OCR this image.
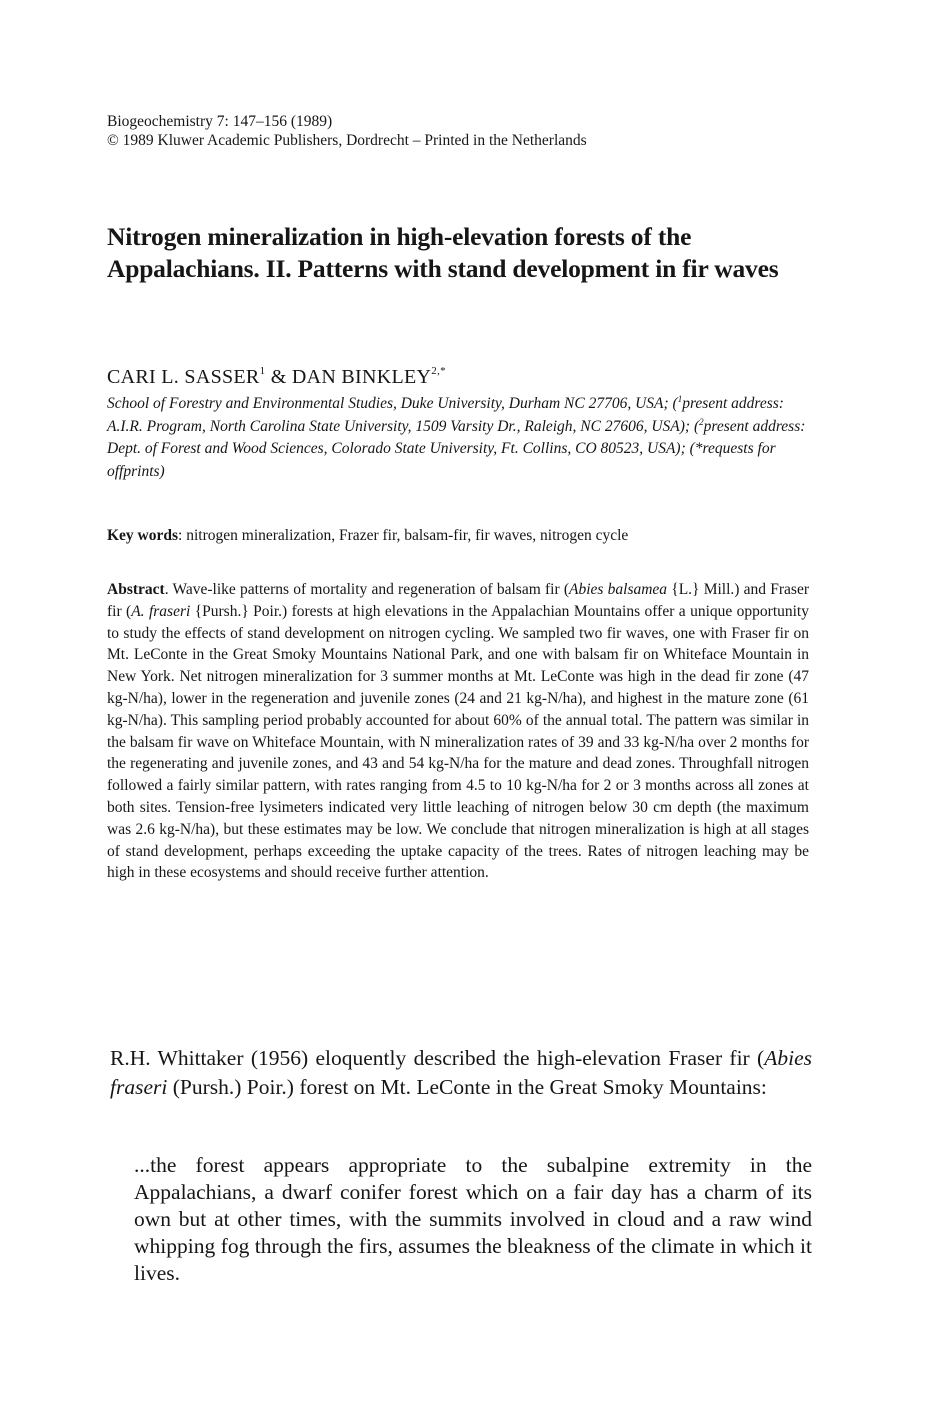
Biogeochemistry 7: 147–156 (1989)
© 1989 Kluwer Academic Publishers, Dordrecht – Printed in the Netherlands
Nitrogen mineralization in high-elevation forests of the Appalachians. II. Patterns with stand development in fir waves
CARI L. SASSER$^1$ & DAN $BINKLEY^{2,*}$
School of Forestry and Environmental Studies, Duke University, Durham NC 27706, USA; ($^1$present address: A.I.R. Program, North Carolina State University, 1509 Varsity Dr., Raleigh, NC 27606, USA); ($^2$present address: Dept. of Forest and Wood Sciences, Colorado State University, Ft. Collins, CO 80523, USA); (*requests for offprints)
Key words: nitrogen mineralization, Frazer fir, balsam-fir, fir waves, nitrogen cycle
Abstract. Wave-like patterns of mortality and regeneration of balsam fir (Abies balsamea {L.} Mill.) and Fraser fir (A. fraseri {Pursh.} Poir.) forests at high elevations in the Appalachian Mountains offer a unique opportunity to study the effects of stand development on nitrogen cycling. We sampled two fir waves, one with Fraser fir on Mt. LeConte in the Great Smoky Mountains National Park, and one with balsam fir on Whiteface Mountain in New York. Net nitrogen mineralization for 3 summer months at Mt. LeConte was high in the dead fir zone (47 kg-N/ha), lower in the regeneration and juvenile zones (24 and 21 kg-N/ha), and highest in the mature zone (61 kg-N/ha). This sampling period probably accounted for about 60% of the annual total. The pattern was similar in the balsam fir wave on Whiteface Mountain, with N mineralization rates of 39 and 33 kg-N/ha over 2 months for the regenerating and juvenile zones, and 43 and 54 kg-N/ha for the mature and dead zones. Throughfall nitrogen followed a fairly similar pattern, with rates ranging from 4.5 to 10 kg-N/ha for 2 or 3 months across all zones at both sites. Tension-free lysimeters indicated very little leaching of nitrogen below 30 cm depth (the maximum was 2.6 kg-N/ha), but these estimates may be low. We conclude that nitrogen mineralization is high at all stages of stand development, perhaps exceeding the uptake capacity of the trees. Rates of nitrogen leaching may be high in these ecosystems and should receive further attention.
R.H. Whittaker (1956) eloquently described the high-elevation Fraser fir (Abies fraseri (Pursh.) Poir.) forest on Mt. LeConte in the Great Smoky Mountains:
...the forest appears appropriate to the subalpine extremity in the Appalachians, a dwarf conifer forest which on a fair day has a charm of its own but at other times, with the summits involved in cloud and a raw wind whipping fog through the firs, assumes the bleakness of the climate in which it lives.
